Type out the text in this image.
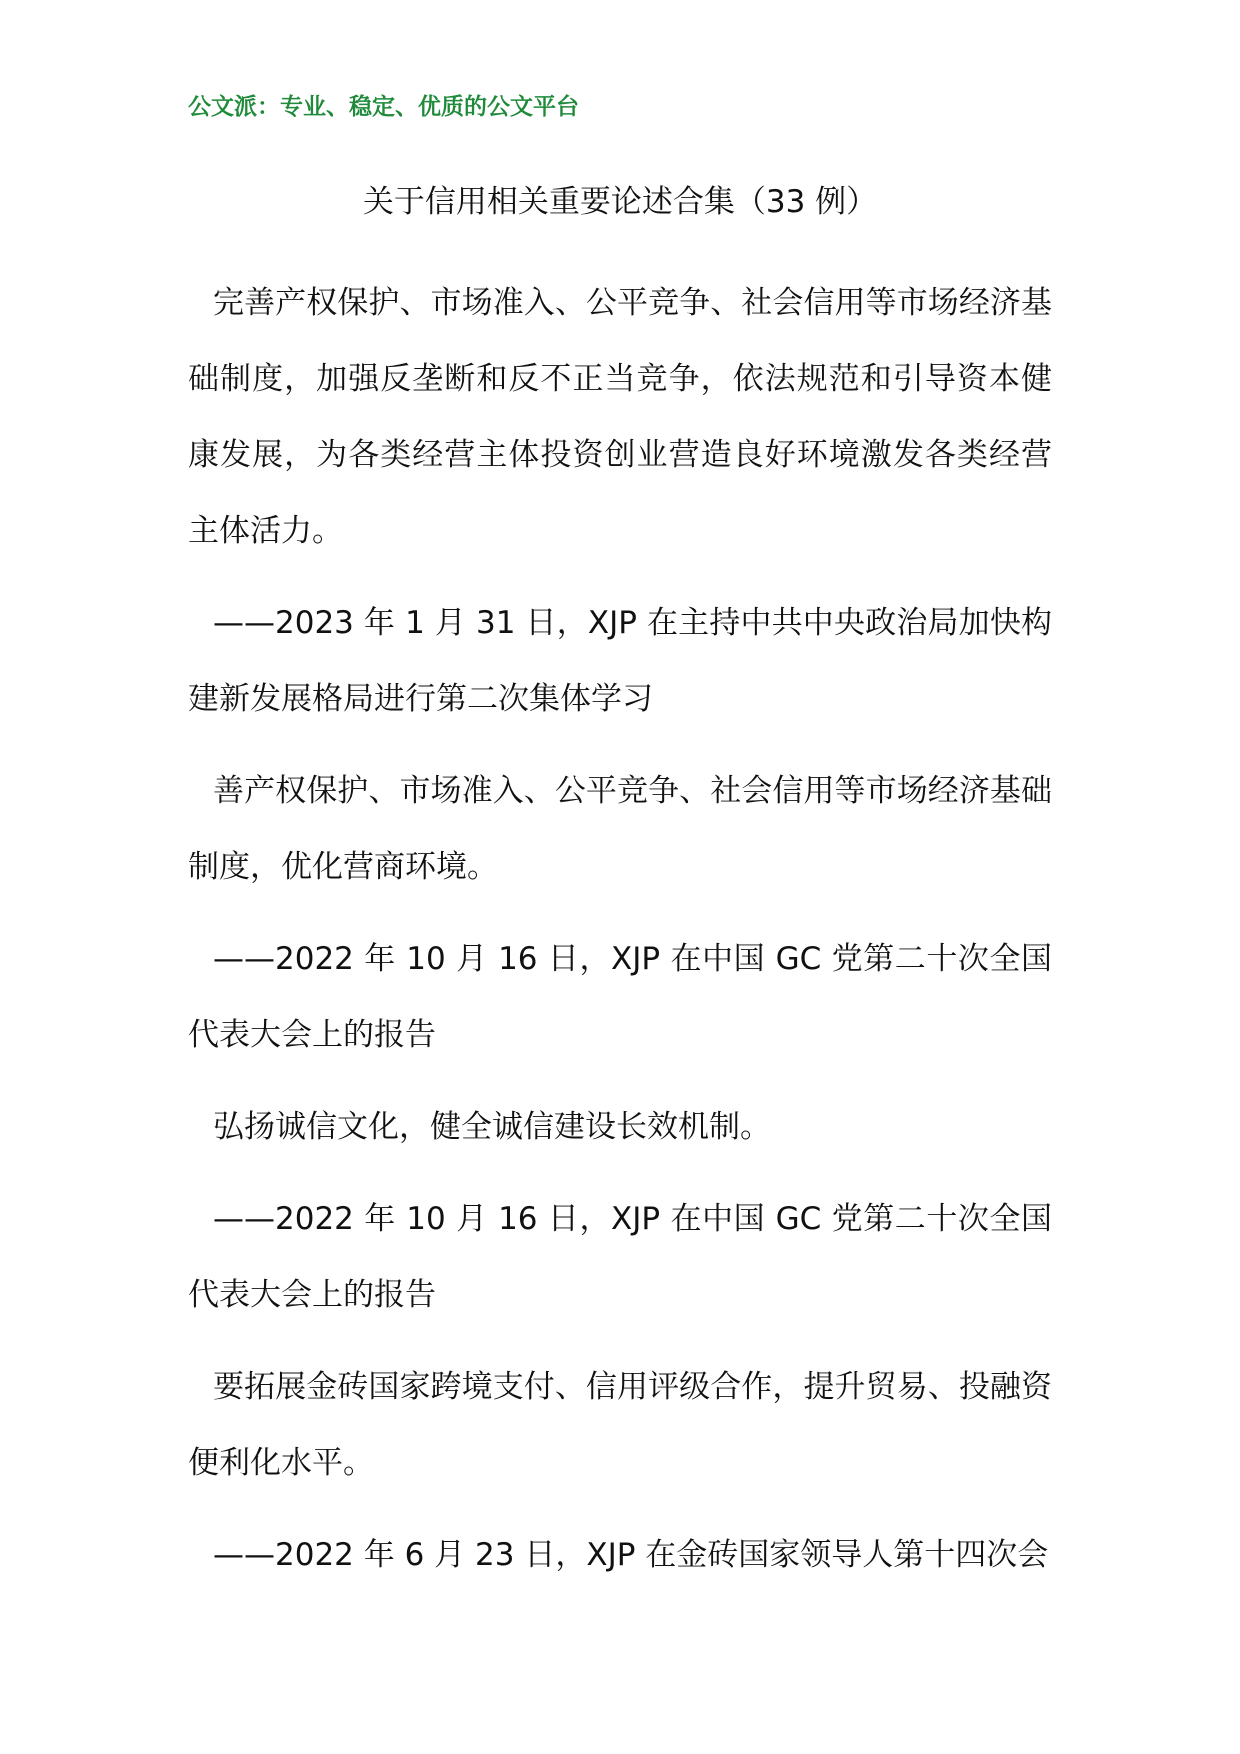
公文派：专业、稳定、优质的公文平台
关于信用相关重要论述合集（33 例）

完善产权保护、市场准入、公平竞争、社会信用等市场经济基础制度，加强反垄断和反不正当竞争，依法规范和引导资本健康发展，为各类经营主体投资创业营造良好环境激发各类经营主体活力。

——2023 年 1 月 31 日，XJP 在主持中共中央政治局加快构建新发展格局进行第二次集体学习

善产权保护、市场准入、公平竞争、社会信用等市场经济基础制度，优化营商环境。

——2022 年 10 月 16 日，XJP 在中国 GC 党第二十次全国代表大会上的报告

弘扬诚信文化，健全诚信建设长效机制。

——2022 年 10 月 16 日，XJP 在中国 GC 党第二十次全国代表大会上的报告

要拓展金砖国家跨境支付、信用评级合作，提升贸易、投融资便利化水平。

——2022 年 6 月 23 日，XJP 在金砖国家领导人第十四次会
